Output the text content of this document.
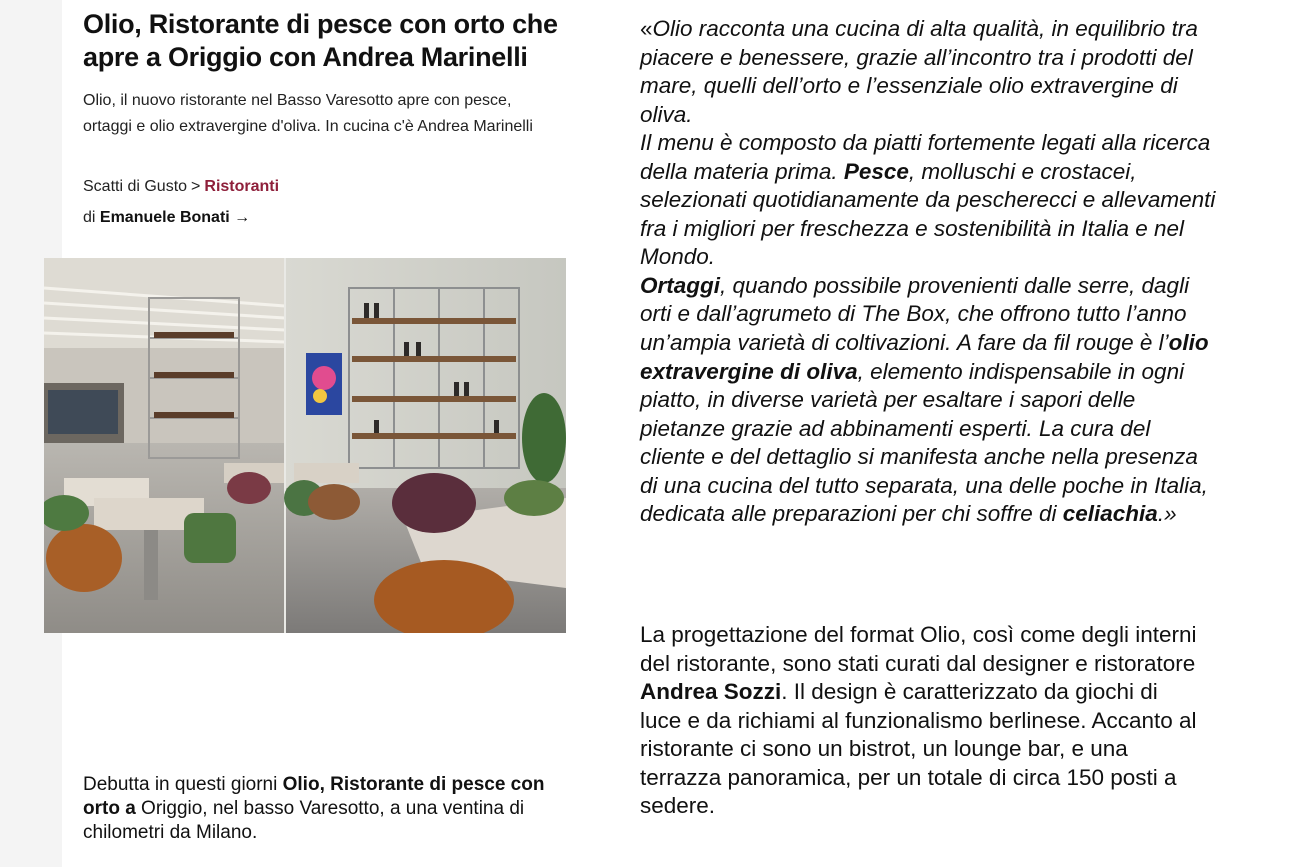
Olio, Ristorante di pesce con orto che apre a Origgio con Andrea Marinelli

Olio, il nuovo ristorante nel Basso Varesotto apre con pesce, ortaggi e olio extravergine d'oliva. In cucina c'è Andrea Marinelli

Scatti di Gusto > Ristoranti
di Emanuele Bonati →

Debutta in questi giorni Olio, Ristorante di pesce con orto a Origgio, nel basso Varesotto, a una ventina di chilometri da Milano.

«Olio racconta una cucina di alta qualità, in equilibrio tra piacere e benessere, grazie all’incontro tra i prodotti del mare, quelli dell’orto e l’essenziale olio extravergine di oliva.
Il menu è composto da piatti fortemente legati alla ricerca della materia prima. Pesce, molluschi e crostacei, selezionati quotidianamente da pescherecci e allevamenti fra i migliori per freschezza e sostenibilità in Italia e nel Mondo.
Ortaggi, quando possibile provenienti dalle serre, dagli orti e dall’agrumeto di The Box, che offrono tutto l’anno un’ampia varietà di coltivazioni. A fare da fil rouge è l’olio extravergine di oliva, elemento indispensabile in ogni piatto, in diverse varietà per esaltare i sapori delle pietanze grazie ad abbinamenti esperti. La cura del cliente e del dettaglio si manifesta anche nella presenza di una cucina del tutto separata, una delle poche in Italia, dedicata alle preparazioni per chi soffre di celiachia.»

La progettazione del format Olio, così come degli interni del ristorante, sono stati curati dal designer e ristoratore Andrea Sozzi. Il design è caratterizzato da giochi di luce e da richiami al funzionalismo berlinese. Accanto al ristorante ci sono un bistrot, un lounge bar, e una terrazza panoramica, per un totale di circa 150 posti a sedere.
